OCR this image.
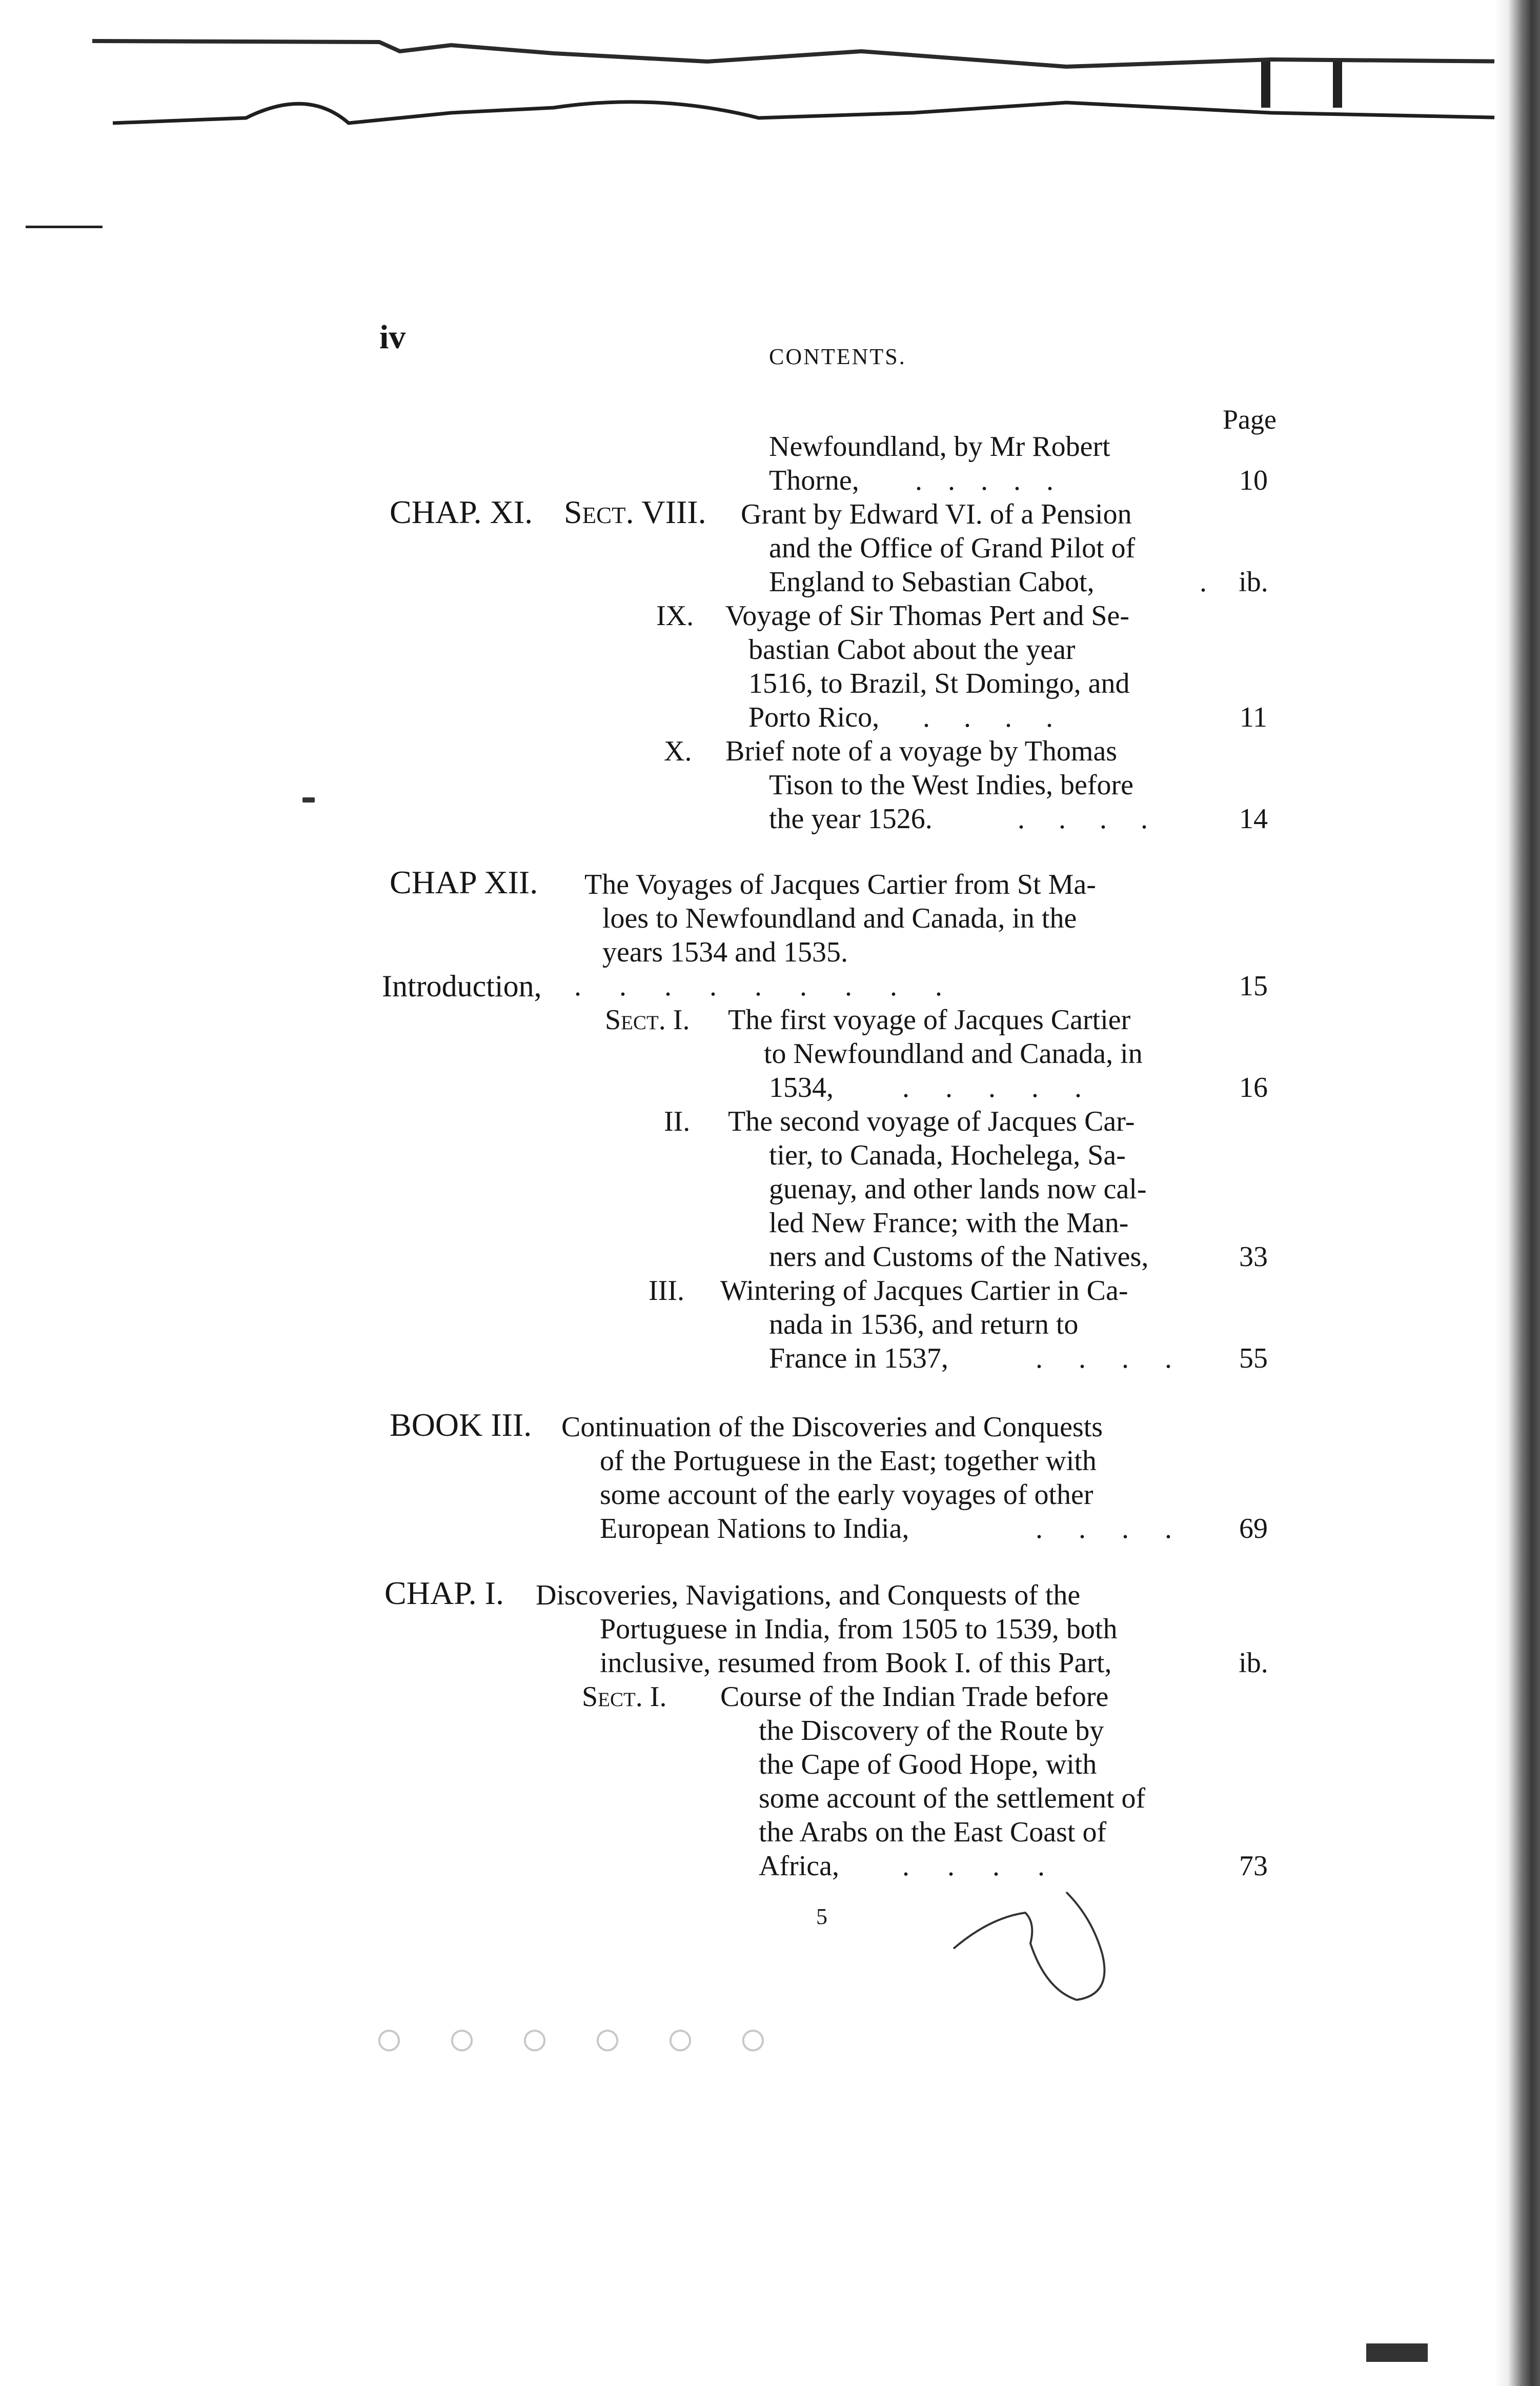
○ ○ ○ ○ ○ ○
iv
CONTENTS.
Page
Newfoundland, by Mr Robert
Thorne, . . . . .	10
CHAP. XI. Sect. VIII. Grant by Edward VI. of a Pension
and the Office of Grand Pilot of
England to Sebastian Cabot,	.	ib.
IX. Voyage of Sir Thomas Pert and Se-
bastian Cabot about the year
1516, to Brazil, St Domingo, and
Porto Rico, . . . .	11
X. Brief note of a voyage by Thomas
Tison to the West Indies, before
the year 1526.	. . . .	14
CHAP XII. The Voyages of Jacques Cartier from St Ma-
loes to Newfoundland and Canada, in the
years 1534 and 1535.
Introduction, . . . . . . . . .	15
Sect. I. The first voyage of Jacques Cartier
to Newfoundland and Canada, in
1534, . . . . .	16
II. The second voyage of Jacques Car-
tier, to Canada, Hochelega, Sa-
guenay, and other lands now cal-
led New France; with the Man-
ners and Customs of the Natives,	33
III. Wintering of Jacques Cartier in Ca-
nada in 1536, and return to
France in 1537,	. . . .	55
BOOK III. Continuation of the Discoveries and Conquests
of the Portuguese in the East; together with
some account of the early voyages of other
European Nations to India,	. . . .	69
CHAP. I. Discoveries, Navigations, and Conquests of the
Portuguese in India, from 1505 to 1539, both
inclusive, resumed from Book I. of this Part,	ib.
Sect. I. Course of the Indian Trade before
the Discovery of the Route by
the Cape of Good Hope, with
some account of the settlement of
the Arabs on the East Coast of
Africa, . . . .	73
5
